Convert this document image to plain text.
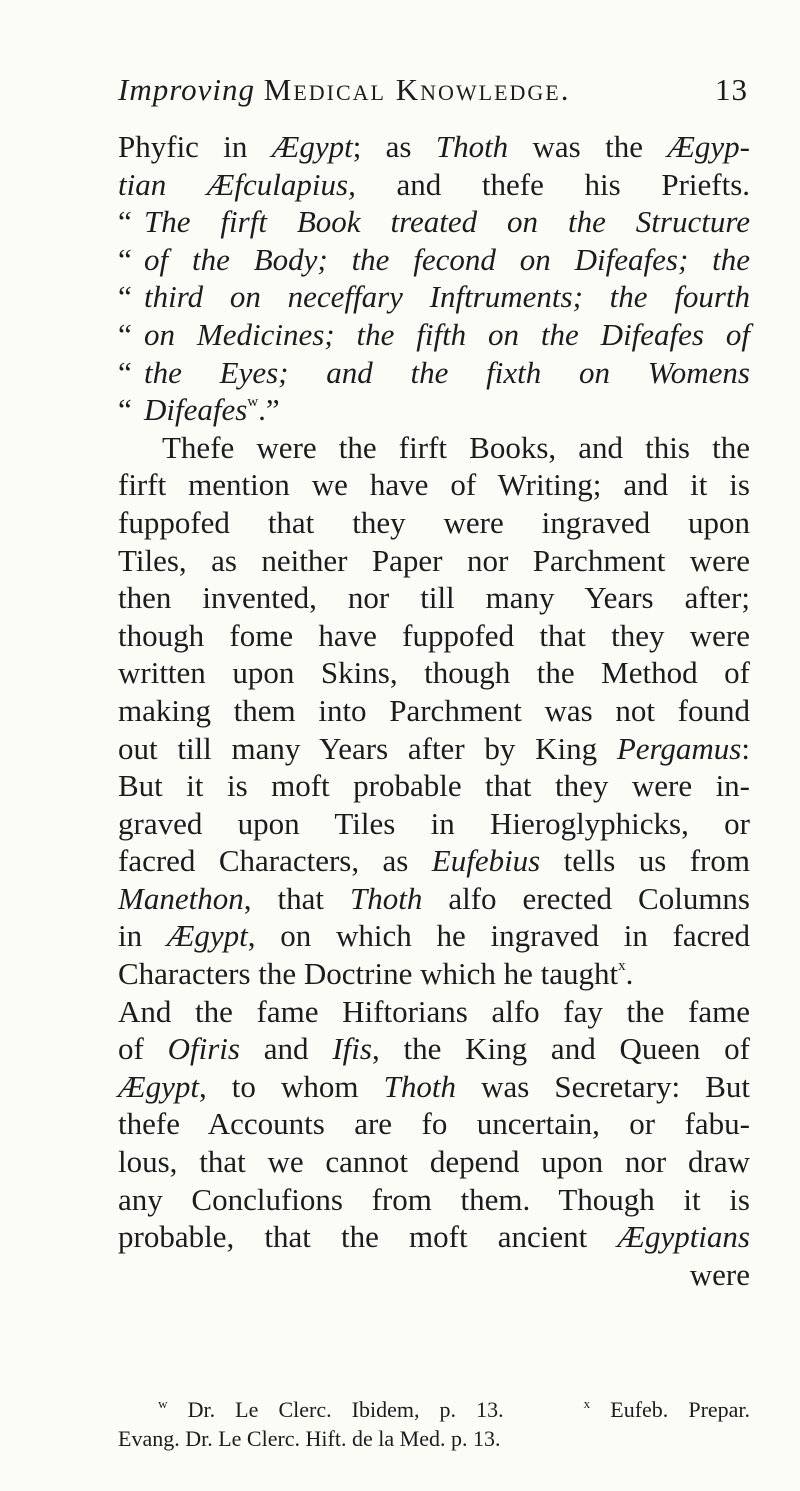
Improving Medical Knowledge.	13
Phyfic in Ægypt; as Thoth was the Ægyp-
tian Æfculapius, and thefe his Priefts.
“The firft Book treated on the Structure
“of the Body; the fecond on Difeafes; the
“third on neceffary Inftruments; the fourth
“on Medicines; the fifth on the Difeafes of
“the Eyes; and the fixth on Womens
“Difeafes$^w$.”
Thefe were the firft Books, and this the
firft mention we have of Writing; and it is
fuppofed that they were ingraved upon
Tiles, as neither Paper nor Parchment were
then invented, nor till many Years after;
though fome have fuppofed that they were
written upon Skins, though the Method of
making them into Parchment was not found
out till many Years after by King Pergamus:
But it is moft probable that they were in-
graved upon Tiles in Hieroglyphicks, or
facred Characters, as Eufebius tells us from
Manethon, that Thoth alfo erected Columns
in Ægypt, on which he ingraved in facred
Characters the Doctrine which he taught$^x$.
And the fame Hiftorians alfo fay the fame
of Ofiris and Ifis, the King and Queen of
Ægypt, to whom Thoth was Secretary: But
thefe Accounts are fo uncertain, or fabu-
lous, that we cannot depend upon nor draw
any Conclufions from them. Though it is
probable, that the moft ancient Ægyptians
were
$^w$ Dr. Le Clerc. Ibidem, p. 13.	$^x$ Eufeb. Prepar.
Evang. Dr. Le Clerc. Hift. de la Med. p. 13.
